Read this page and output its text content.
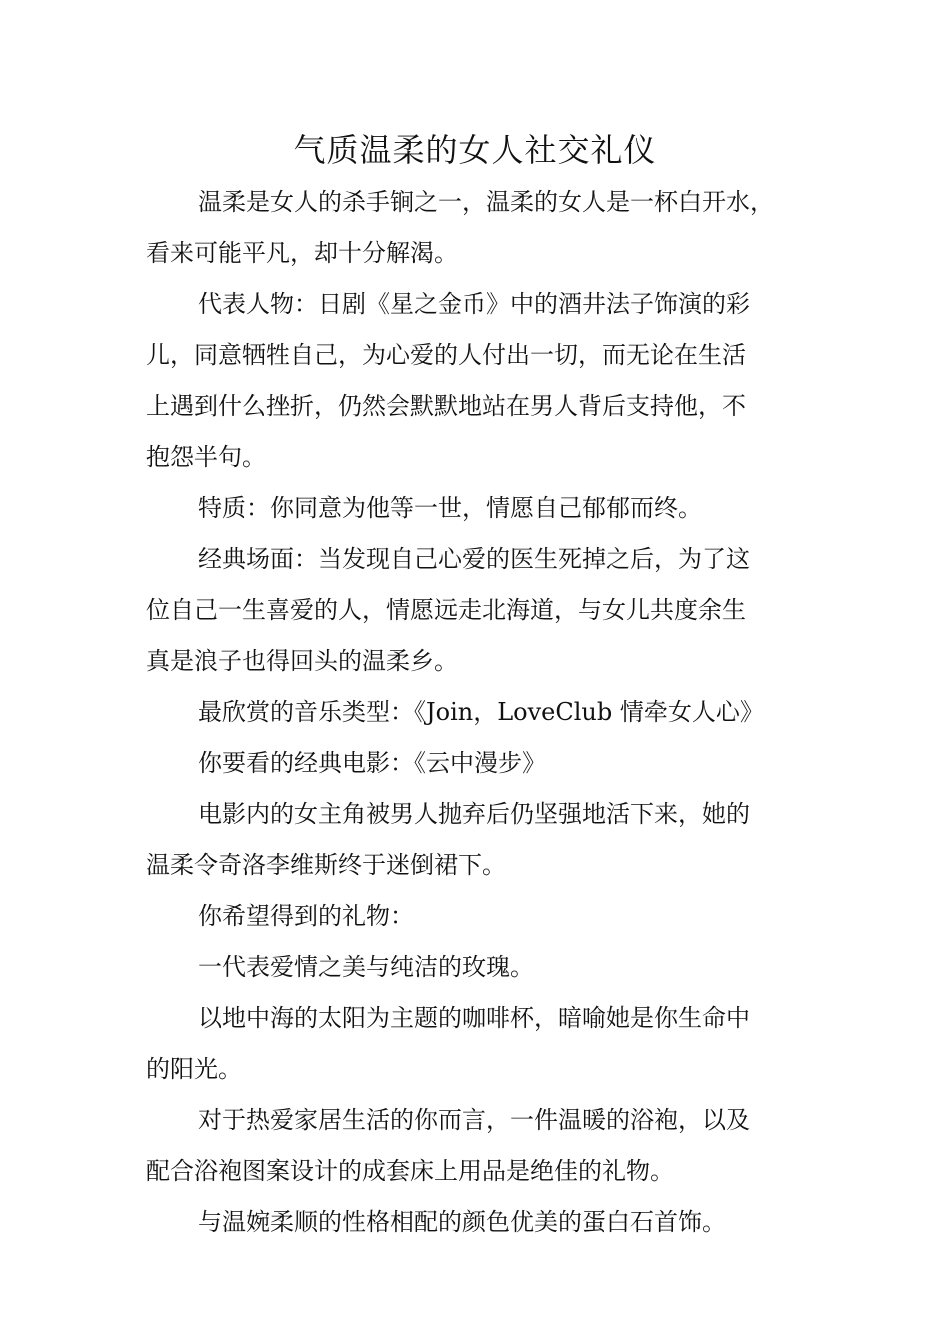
气质温柔的女人社交礼仪

温柔是女人的杀手锏之一，温柔的女人是一杯白开水，
看来可能平凡，却十分解渴。

代表人物：日剧《星之金币》中的酒井法子饰演的彩
儿，同意牺牲自己，为心爱的人付出一切，而无论在生活
上遇到什么挫折，仍然会默默地站在男人背后支持他，不
抱怨半句。

特质：你同意为他等一世，情愿自己郁郁而终。

经典场面：当发现自己心爱的医生死掉之后，为了这
位自己一生喜爱的人，情愿远走北海道，与女儿共度余生
真是浪子也得回头的温柔乡。

最欣赏的音乐类型：《Join，LoveClub 情牵女人心》

你要看的经典电影：《云中漫步》

电影内的女主角被男人抛弃后仍坚强地活下来，她的
温柔令奇洛李维斯终于迷倒裙下。

你希望得到的礼物：

一代表爱情之美与纯洁的玫瑰。

以地中海的太阳为主题的咖啡杯，暗喻她是你生命中
的阳光。

对于热爱家居生活的你而言，一件温暖的浴袍，以及
配合浴袍图案设计的成套床上用品是绝佳的礼物。

与温婉柔顺的性格相配的颜色优美的蛋白石首饰。
